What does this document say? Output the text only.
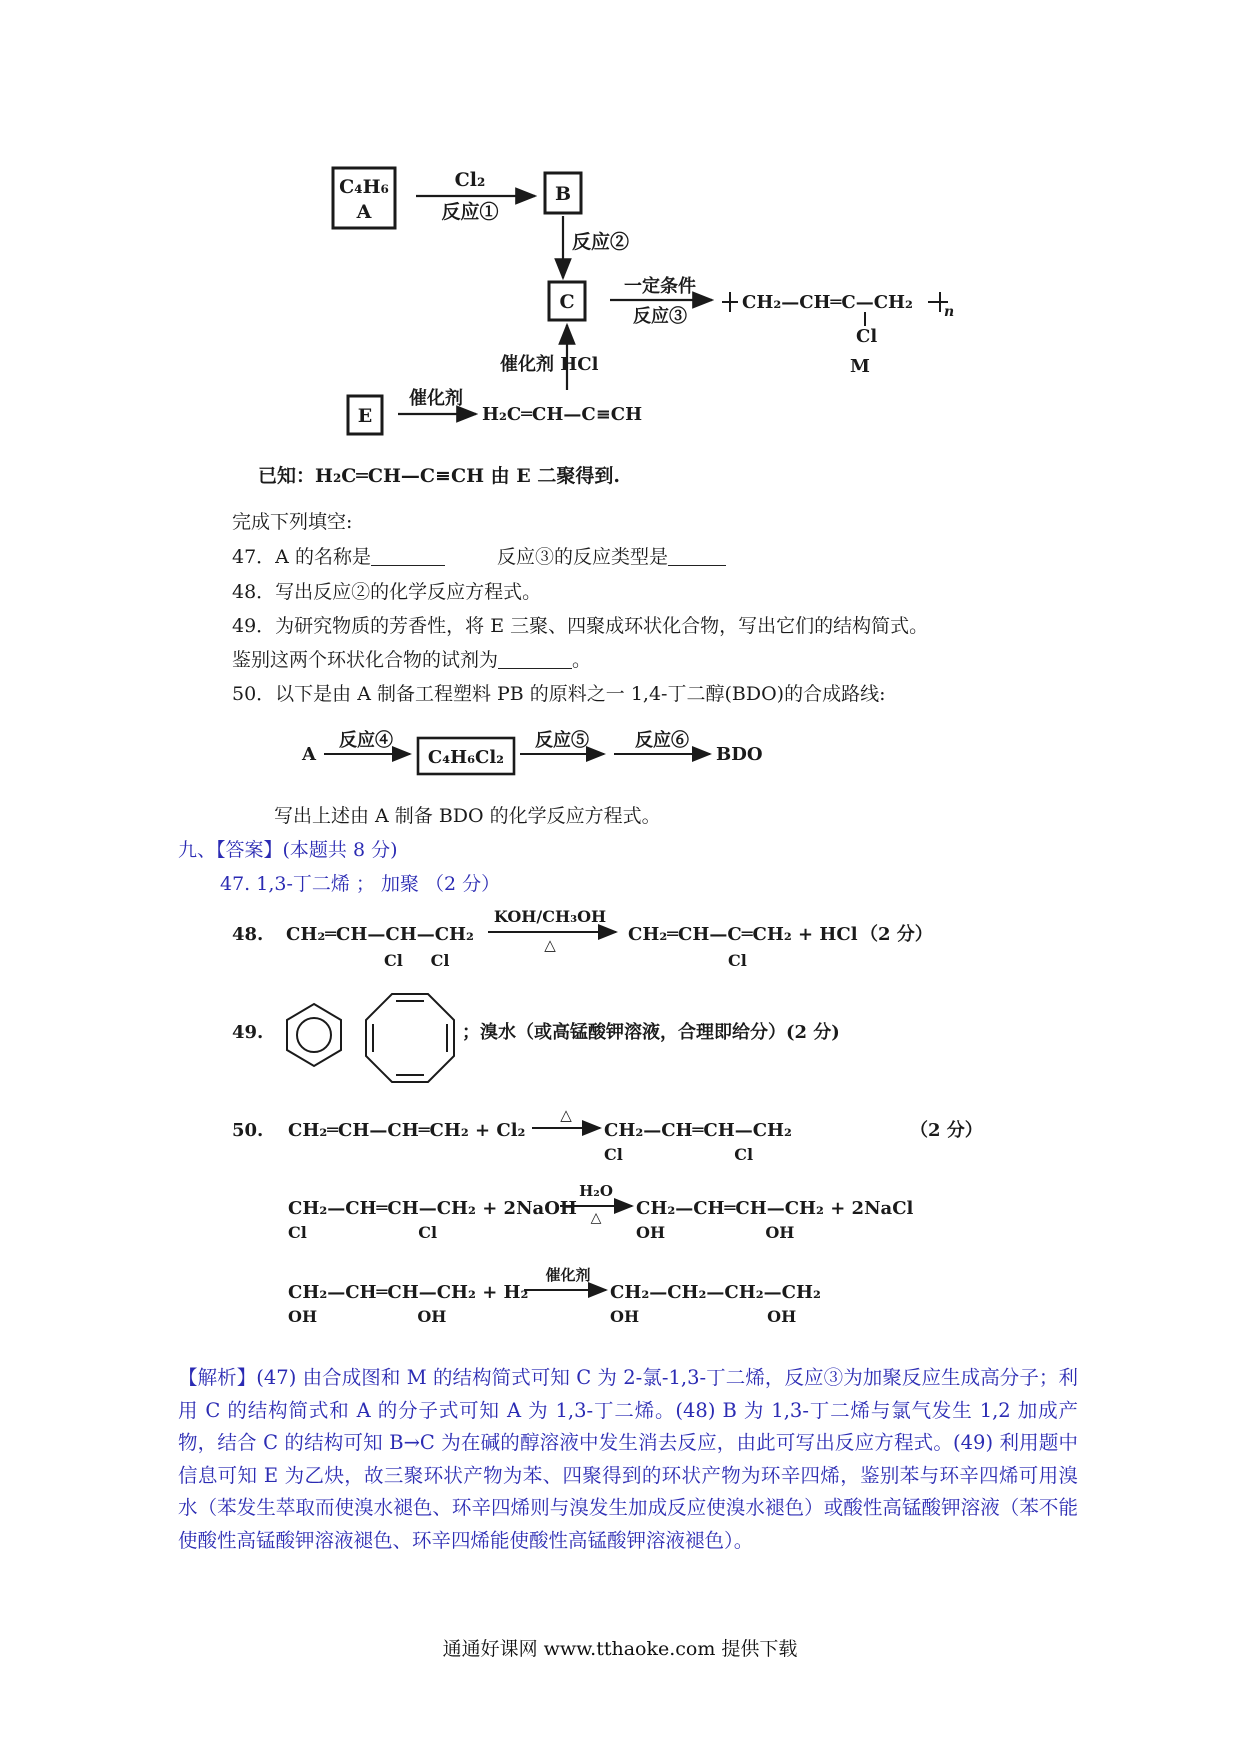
C₄H₆
A
Cl₂
反应①
B
反应②
C
一定条件
反应③
CH₂—CH═C—CH₂ n
Cl
M
催化剂 HCl
E
催化剂
H₂C═CH—C≡CH
已知：H₂C═CH—C≡CH 由 E 二聚得到.
完成下列填空:
47．A 的名称是	反应③的反应类型是
48．写出反应②的化学反应方程式。
49．为研究物质的芳香性，将 E 三聚、四聚成环状化合物，写出它们的结构简式。
鉴别这两个环状化合物的试剂为	。
50．以下是由 A 制备工程塑料 PB 的原料之一 1,4-丁二醇(BDO)的合成路线:
A
反应④
C₄H₆Cl₂
反应⑤	反应⑥
BDO
写出上述由 A 制备 BDO 的化学反应方程式。
九、【答案】(本题共 8 分)
47. 1,3-丁二烯 ； 加聚 （2 分）
48. CH₂═CH—CH—CH₂
Cl     Cl
KOH/CH₃OH
△	CH₂═CH—C═CH₂ + HCl
Cl
（2 分）
49.	；溴水（或高锰酸钾溶液，合理即给分）(2 分)
50. CH₂═CH—CH═CH₂ + Cl₂
△
CH₂—CH═CH—CH₂
Cl                    Cl
（2 分）
CH₂—CH═CH—CH₂ + 2NaOH
Cl                    Cl
H₂O
△ CH₂—CH═CH—CH₂ + 2NaCl
OH                  OH
CH₂—CH═CH—CH₂ + H₂
OH                  OH
催化剂
CH₂—CH₂—CH₂—CH₂
OH                       OH
【解析】(47) 由合成图和 M 的结构简式可知 C 为 2-氯-1,3-丁二烯，反应③为加聚反应生成高分子；利用 C 的结构简式和 A 的分子式可知 A 为 1,3-丁二烯。(48) B 为 1,3-丁二烯与氯气发生 1,2 加成产物，结合 C 的结构可知 B→C 为在碱的醇溶液中发生消去反应，由此可写出反应方程式。(49) 利用题中信息可知 E 为乙炔，故三聚环状产物为苯、四聚得到的环状产物为环辛四烯，鉴别苯与环辛四烯可用溴水（苯发生萃取而使溴水褪色、环辛四烯则与溴发生加成反应使溴水褪色）或酸性高锰酸钾溶液（苯不能使酸性高锰酸钾溶液褪色、环辛四烯能使酸性高锰酸钾溶液褪色）。
通通好课网 www.tthaoke.com 提供下载
